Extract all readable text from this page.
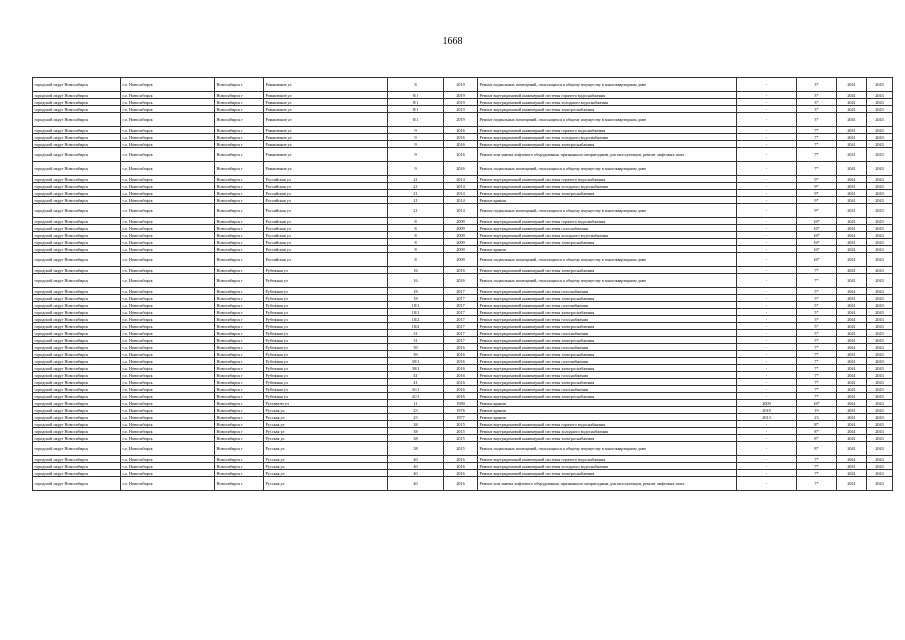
1668
городской округ Новосибирск	г.о. Новосибирск	Новосибирск г	Романтиков ул	8	2019	Ремонт подвальных помещений, относящихся к общему имуществу в многоквартирном доме	-	3*	2041	2043
городской округ Новосибирск	г.о. Новосибирск	Новосибирск г	Романтиков ул	8/1	2019	Ремонт внутридомовой инженерной системы горячего водоснабжения	-	3*	2041	2043
городской округ Новосибирск	г.о. Новосибирск	Новосибирск г	Романтиков ул	8/1	2019	Ремонт внутридомовой инженерной системы холодного водоснабжения	-	3*	2041	2043
городской округ Новосибирск	г.о. Новосибирск	Новосибирск г	Романтиков ул	8/1	2019	Ремонт внутридомовой инженерной системы электроснабжения	-	3*	2041	2043
городской округ Новосибирск	г.о. Новосибирск	Новосибирск г	Романтиков ул	8/1	2019	Ремонт подвальных помещений, относящихся к общему имуществу в многоквартирном доме	-	3*	2041	2043
городской округ Новосибирск	г.о. Новосибирск	Новосибирск г	Романтиков ул	9	2016	Ремонт внутридомовой инженерной системы горячего водоснабжения	-	7*	2041	2043
городской округ Новосибирск	г.о. Новосибирск	Новосибирск г	Романтиков ул	9	2016	Ремонт внутридомовой инженерной системы холодного водоснабжения	-	7*	2041	2043
городской округ Новосибирск	г.о. Новосибирск	Новосибирск г	Романтиков ул	9	2016	Ремонт внутридомовой инженерной системы электроснабжения	-	7*	2041	2043
городской округ Новосибирск	г.о. Новосибирск	Новосибирск г	Романтиков ул	9	2016	Ремонт или замена лифтового оборудования, признанного непригодным для эксплуатации, ремонт лифтовых шахт	-	7*	2041	2043
городской округ Новосибирск	г.о. Новосибирск	Новосибирск г	Романтиков ул	9	2016	Ремонт подвальных помещений, относящихся к общему имуществу в многоквартирном доме	-	7*	2041	2043
городской округ Новосибирск	г.о. Новосибирск	Новосибирск г	Российская ул	21	2014	Ремонт внутридомовой инженерной системы горячего водоснабжения	-	9*	2041	2043
городской округ Новосибирск	г.о. Новосибирск	Новосибирск г	Российская ул	21	2014	Ремонт внутридомовой инженерной системы холодного водоснабжения	-	9*	2041	2043
городской округ Новосибирск	г.о. Новосибирск	Новосибирск г	Российская ул	21	2014	Ремонт внутридомовой инженерной системы электроснабжения	-	9*	2041	2043
городской округ Новосибирск	г.о. Новосибирск	Новосибирск г	Российская ул	21	2014	Ремонт крыши	-	9*	2041	2043
городской округ Новосибирск	г.о. Новосибирск	Новосибирск г	Российская ул	21	2014	Ремонт подвальных помещений, относящихся к общему имуществу в многоквартирном доме	-	9*	2041	2043
городской округ Новосибирск	г.о. Новосибирск	Новосибирск г	Российская ул	8	2009	Ремонт внутридомовой инженерной системы горячего водоснабжения	-	16*	2041	2043
городской округ Новосибирск	г.о. Новосибирск	Новосибирск г	Российская ул	8	2009	Ремонт внутридомовой инженерной системы газоснабжения	-	16*	2041	2043
городской округ Новосибирск	г.о. Новосибирск	Новосибирск г	Российская ул	8	2009	Ремонт внутридомовой инженерной системы холодного водоснабжения	-	16*	2041	2043
городской округ Новосибирск	г.о. Новосибирск	Новосибирск г	Российская ул	8	2009	Ремонт внутридомовой инженерной системы электроснабжения	-	16*	2041	2043
городской округ Новосибирск	г.о. Новосибирск	Новосибирск г	Российская ул	8	2009	Ремонт крыши	-	16*	2041	2043
городской округ Новосибирск	г.о. Новосибирск	Новосибирск г	Российская ул	8	2009	Ремонт подвальных помещений, относящихся к общему имуществу в многоквартирном доме	-	16*	2041	2043
городской округ Новосибирск	г.о. Новосибирск	Новосибирск г	Рубежная ул	16	2016	Ремонт внутридомовой инженерной системы электроснабжения	-	7*	2041	2043
городской округ Новосибирск	г.о. Новосибирск	Новосибирск г	Рубежная ул	16	2016	Ремонт подвальных помещений, относящихся к общему имуществу в многоквартирном доме	-	7*	2041	2043
городской округ Новосибирск	г.о. Новосибирск	Новосибирск г	Рубежная ул	18	2017	Ремонт внутридомовой инженерной системы газоснабжения	-	5*	2041	2043
городской округ Новосибирск	г.о. Новосибирск	Новосибирск г	Рубежная ул	18	2017	Ремонт внутридомовой инженерной системы электроснабжения	-	5*	2041	2043
городской округ Новосибирск	г.о. Новосибирск	Новосибирск г	Рубежная ул	18/1	2017	Ремонт внутридомовой инженерной системы газоснабжения	-	5*	2041	2043
городской округ Новосибирск	г.о. Новосибирск	Новосибирск г	Рубежная ул	18/1	2017	Ремонт внутридомовой инженерной системы электроснабжения	-	5*	2041	2043
городской округ Новосибирск	г.о. Новосибирск	Новосибирск г	Рубежная ул	18/2	2017	Ремонт внутридомовой инженерной системы газоснабжения	-	5*	2041	2043
городской округ Новосибирск	г.о. Новосибирск	Новосибирск г	Рубежная ул	18/2	2017	Ремонт внутридомовой инженерной системы электроснабжения	-	5*	2041	2043
городской округ Новосибирск	г.о. Новосибирск	Новосибирск г	Рубежная ул	31	2017	Ремонт внутридомовой инженерной системы газоснабжения	-	5*	2041	2043
городской округ Новосибирск	г.о. Новосибирск	Новосибирск г	Рубежная ул	31	2017	Ремонт внутридомовой инженерной системы электроснабжения	-	5*	2041	2043
городской округ Новосибирск	г.о. Новосибирск	Новосибирск г	Рубежная ул	39	2016	Ремонт внутридомовой инженерной системы газоснабжения	-	7*	2041	2043
городской округ Новосибирск	г.о. Новосибирск	Новосибирск г	Рубежная ул	39	2016	Ремонт внутридомовой инженерной системы электроснабжения	-	7*	2041	2043
городской округ Новосибирск	г.о. Новосибирск	Новосибирск г	Рубежная ул	39/1	2016	Ремонт внутридомовой инженерной системы газоснабжения	-	7*	2041	2043
городской округ Новосибирск	г.о. Новосибирск	Новосибирск г	Рубежная ул	39/1	2016	Ремонт внутридомовой инженерной системы электроснабжения	-	7*	2041	2043
городской округ Новосибирск	г.о. Новосибирск	Новосибирск г	Рубежная ул	41	2016	Ремонт внутридомовой инженерной системы газоснабжения	-	7*	2041	2043
городской округ Новосибирск	г.о. Новосибирск	Новосибирск г	Рубежная ул	41	2016	Ремонт внутридомовой инженерной системы электроснабжения	-	7*	2041	2043
городской округ Новосибирск	г.о. Новосибирск	Новосибирск г	Рубежная ул	41/1	2016	Ремонт внутридомовой инженерной системы газоснабжения	-	7*	2041	2043
городской округ Новосибирск	г.о. Новосибирск	Новосибирск г	Рубежная ул	41/1	2016	Ремонт внутридомовой инженерной системы электроснабжения	-	7*	2041	2043
городской округ Новосибирск	г.о. Новосибирск	Новосибирск г	Руставели ул	11	1980	Ремонт крыши	2009	16*	2041	2043
городской округ Новосибирск	г.о. Новосибирск	Новосибирск г	Русская ул	23	1976	Ремонт крыши	2010	19	2041	2043
городской округ Новосибирск	г.о. Новосибирск	Новосибирск г	Русская ул	25	1977	Ремонт крыши	2013	23	2041	2043
городской округ Новосибирск	г.о. Новосибирск	Новосибирск г	Русская ул	38	2015	Ремонт внутридомовой инженерной системы горячего водоснабжения	-	8*	2041	2043
городской округ Новосибирск	г.о. Новосибирск	Новосибирск г	Русская ул	38	2015	Ремонт внутридомовой инженерной системы холодного водоснабжения	-	8*	2041	2043
городской округ Новосибирск	г.о. Новосибирск	Новосибирск г	Русская ул	38	2015	Ремонт внутридомовой инженерной системы электроснабжения	-	8*	2041	2043
городской округ Новосибирск	г.о. Новосибирск	Новосибирск г	Русская ул	38	2015	Ремонт подвальных помещений, относящихся к общему имуществу в многоквартирном доме	-	8*	2041	2043
городской округ Новосибирск	г.о. Новосибирск	Новосибирск г	Русская ул	40	2016	Ремонт внутридомовой инженерной системы горячего водоснабжения	-	7*	2041	2043
городской округ Новосибирск	г.о. Новосибирск	Новосибирск г	Русская ул	40	2016	Ремонт внутридомовой инженерной системы холодного водоснабжения	-	7*	2041	2043
городской округ Новосибирск	г.о. Новосибирск	Новосибирск г	Русская ул	40	2016	Ремонт внутридомовой инженерной системы электроснабжения	-	7*	2041	2043
городской округ Новосибирск	г.о. Новосибирск	Новосибирск г	Русская ул	40	2016	Ремонт или замена лифтового оборудования, признанного непригодным для эксплуатации, ремонт лифтовых шахт	-	7*	2041	2043
